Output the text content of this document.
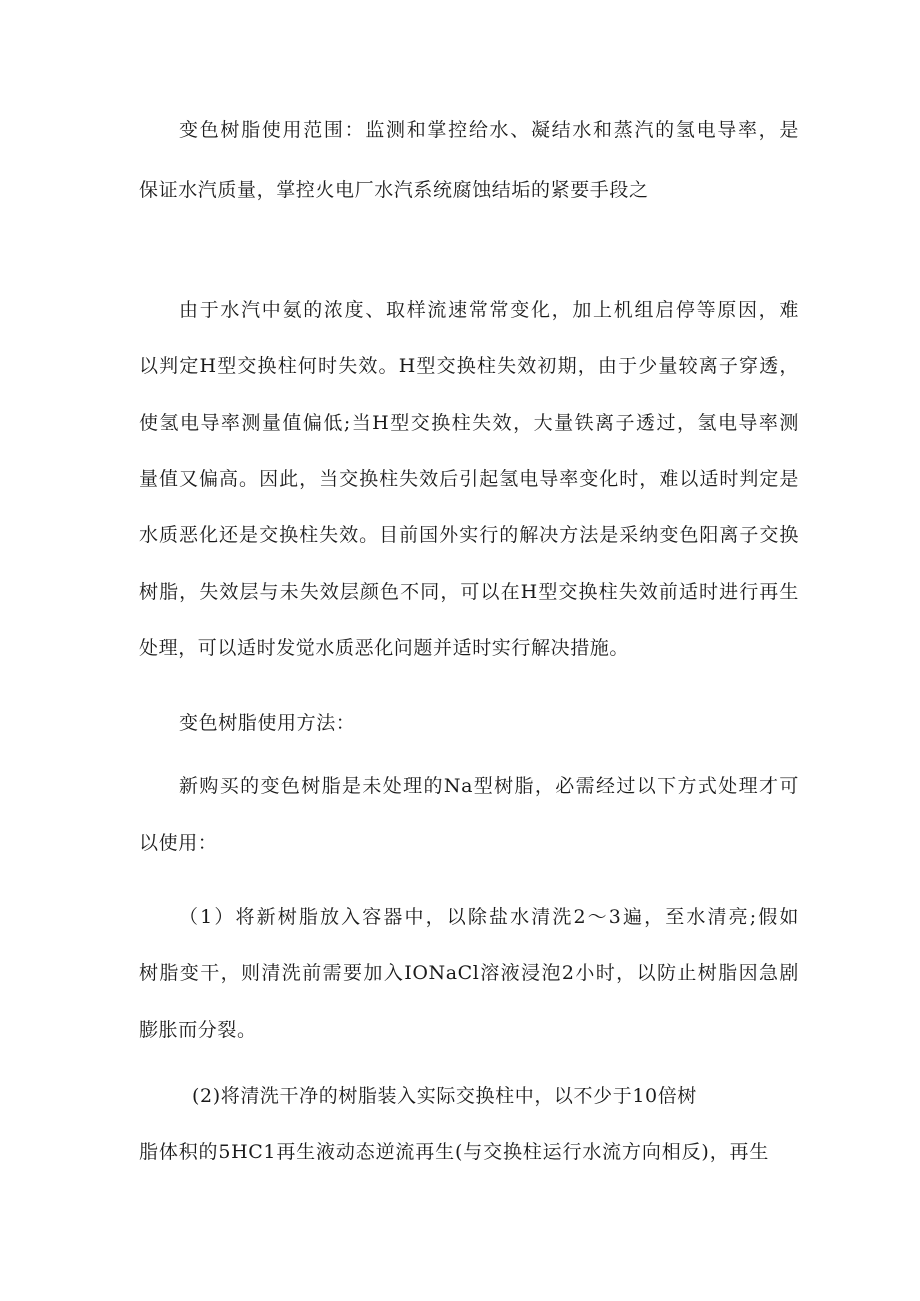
变色树脂使用范围：监测和掌控给水、凝结水和蒸汽的氢电导率，是
保证水汽质量，掌控火电厂水汽系统腐蚀结垢的紧要手段之
由于水汽中氨的浓度、取样流速常常变化，加上机组启停等原因，难
以判定H型交换柱何时失效。H型交换柱失效初期，由于少量较离子穿透，
使氢电导率测量值偏低;当H型交换柱失效，大量铁离子透过，氢电导率测
量值又偏高。因此，当交换柱失效后引起氢电导率变化时，难以适时判定是
水质恶化还是交换柱失效。目前国外实行的解决方法是采纳变色阳离子交换
树脂，失效层与未失效层颜色不同，可以在H型交换柱失效前适时进行再生
处理，可以适时发觉水质恶化问题并适时实行解决措施。
变色树脂使用方法：
新购买的变色树脂是未处理的Na型树脂，必需经过以下方式处理才可
以使用：
（1）将新树脂放入容器中，以除盐水清洗2～3遍，至水清亮;假如
树脂变干，则清洗前需要加入IONaCl溶液浸泡2小时，以防止树脂因急剧
膨胀而分裂。
(2)将清洗干净的树脂装入实际交换柱中，以不少于10倍树
脂体积的5HC1再生液动态逆流再生(与交换柱运行水流方向相反)，再生
